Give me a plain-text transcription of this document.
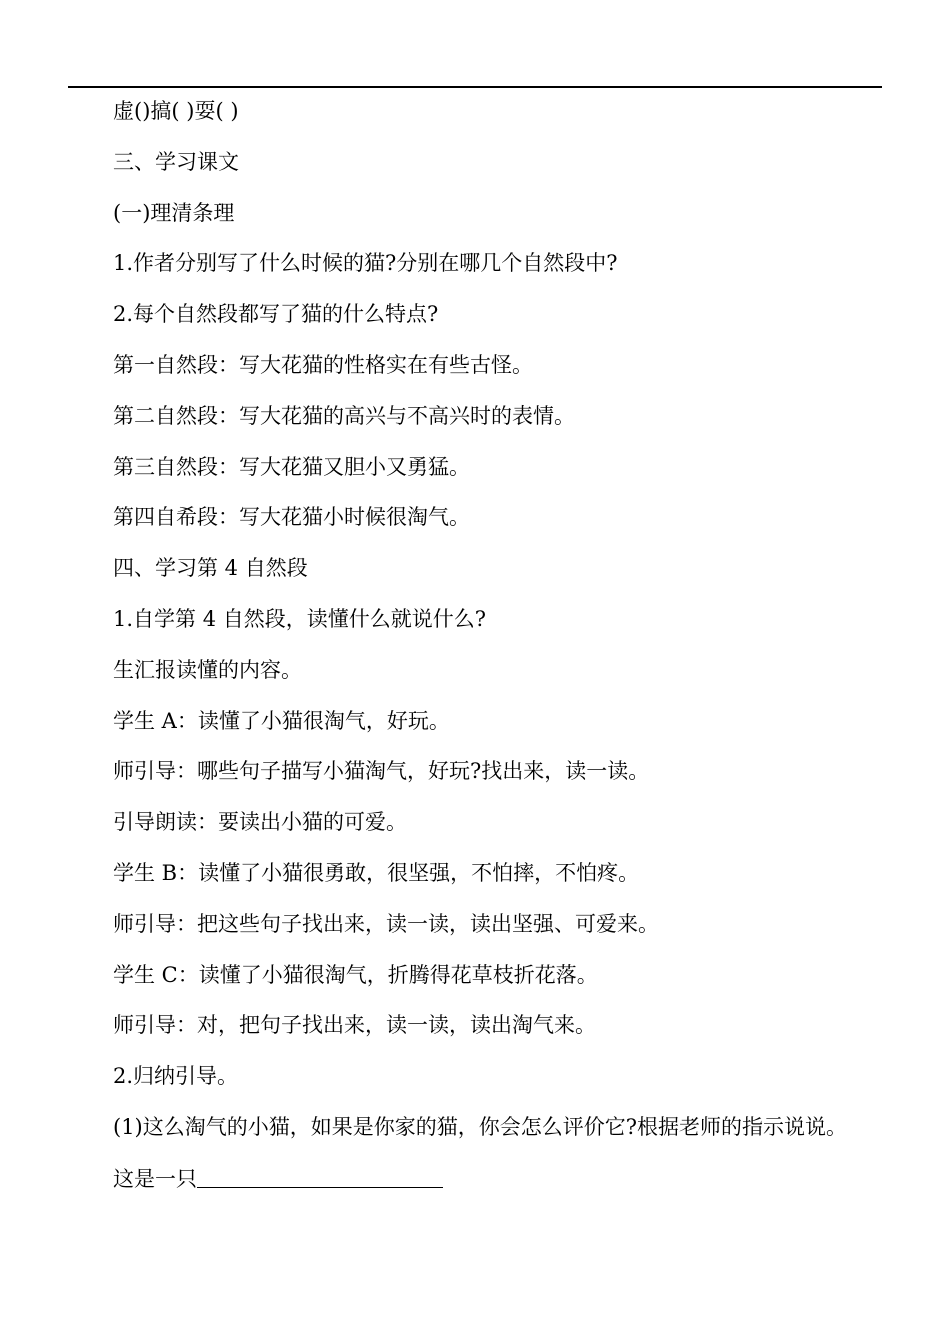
虚()搞( )耍( )
三、学习课文
(一)理清条理
1.作者分别写了什么时候的猫?分别在哪几个自然段中?
2.每个自然段都写了猫的什么特点?
第一自然段：写大花猫的性格实在有些古怪。
第二自然段：写大花猫的高兴与不高兴时的表情。
第三自然段：写大花猫又胆小又勇猛。
第四自希段：写大花猫小时候很淘气。
四、学习第 4 自然段
1.自学第 4 自然段，读懂什么就说什么?
生汇报读懂的内容。
学生 A：读懂了小猫很淘气，好玩。
师引导：哪些句子描写小猫淘气，好玩?找出来，读一读。
引导朗读：要读出小猫的可爱。
学生 B：读懂了小猫很勇敢，很坚强，不怕摔，不怕疼。
师引导：把这些句子找出来，读一读，读出坚强、可爱来。
学生 C：读懂了小猫很淘气，折腾得花草枝折花落。
师引导：对，把句子找出来，读一读，读出淘气来。
2.归纳引导。
(1)这么淘气的小猫，如果是你家的猫，你会怎么评价它?根据老师的指示说说。
这是一只
